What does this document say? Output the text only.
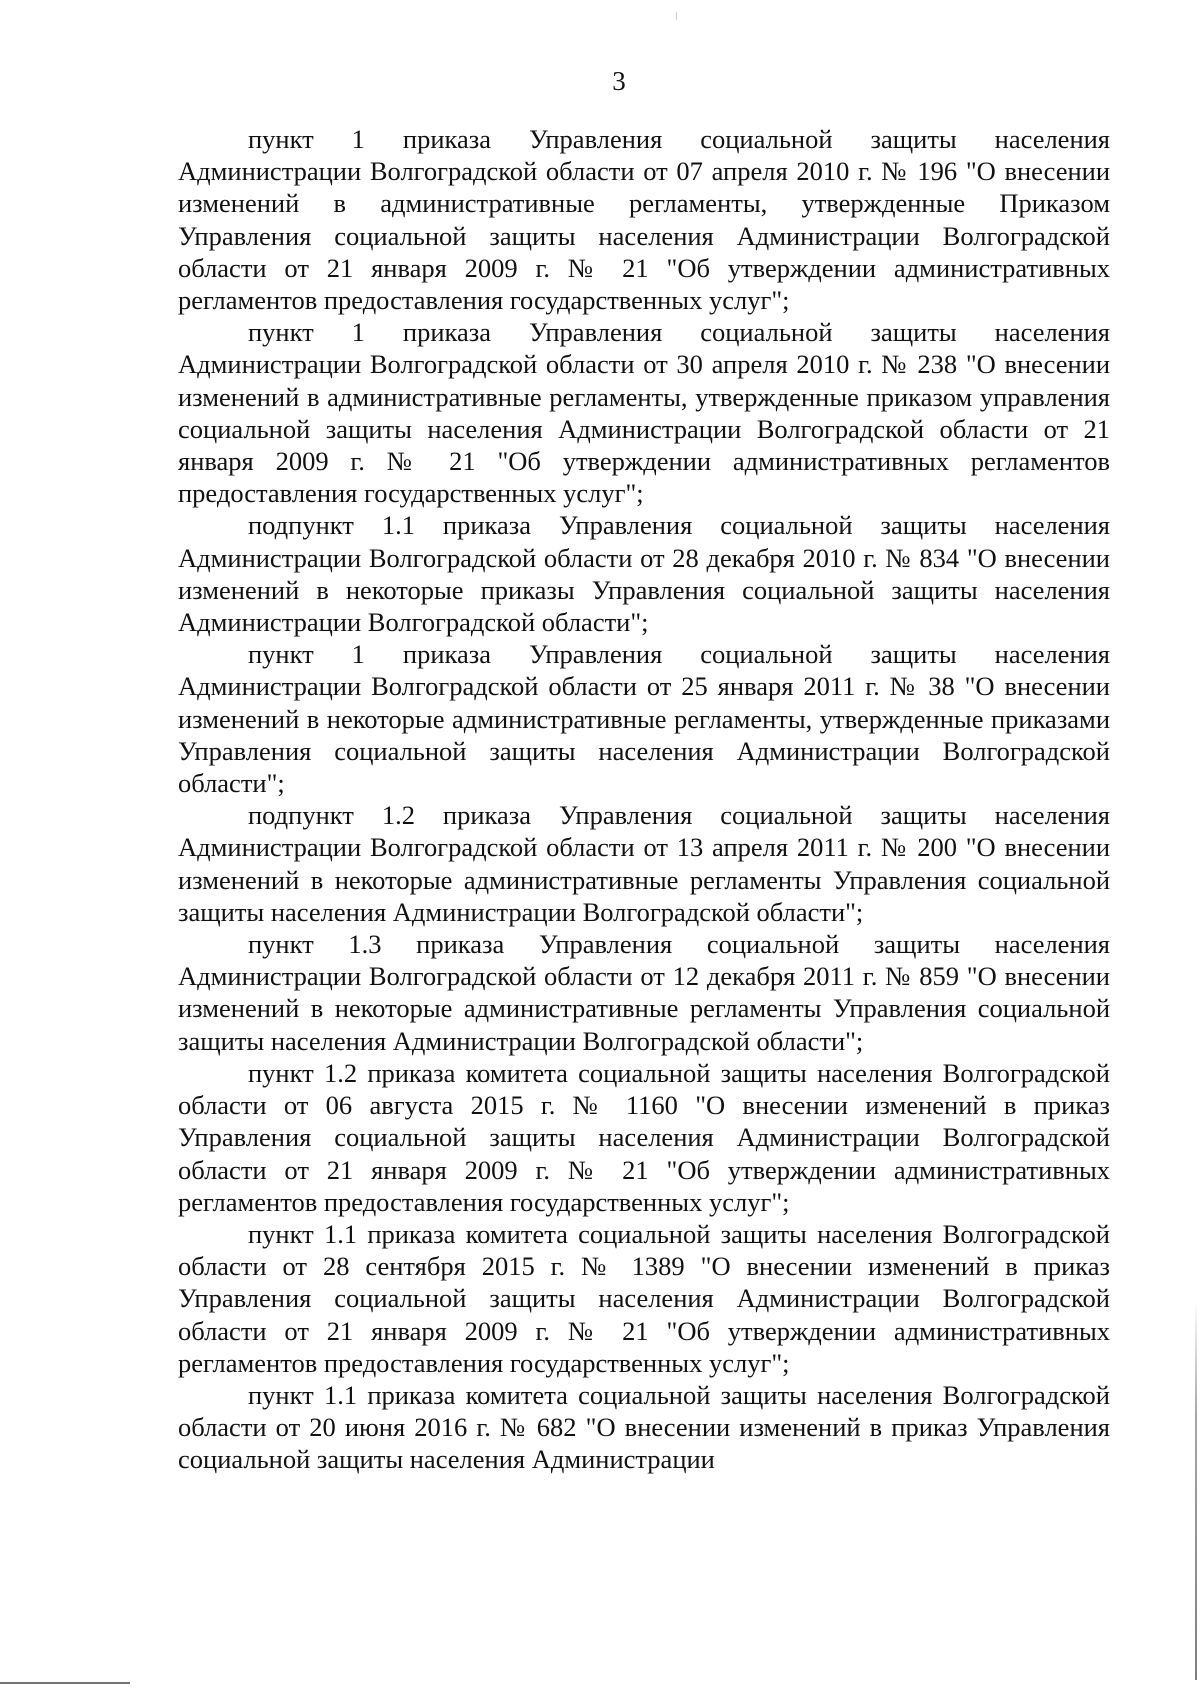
3

пункт 1 приказа Управления социальной защиты населения Администрации Волгоградской области от 07 апреля 2010 г. № 196 "О внесении изменений в административные регламенты, утвержденные Приказом Управления социальной защиты населения Администрации Волгоградской области от 21 января 2009 г. № 21 "Об утверждении административных регламентов предоставления государственных услуг";

пункт 1 приказа Управления социальной защиты населения Администрации Волгоградской области от 30 апреля 2010 г. № 238 "О внесении изменений в административные регламенты, утвержденные приказом управления социальной защиты населения Администрации Волгоградской области от 21 января 2009 г. № 21 "Об утверждении административных регламентов предоставления государственных услуг";

подпункт 1.1 приказа Управления социальной защиты населения Администрации Волгоградской области от 28 декабря 2010 г. № 834 "О внесении изменений в некоторые приказы Управления социальной защиты населения Администрации Волгоградской области";

пункт 1 приказа Управления социальной защиты населения Администрации Волгоградской области от 25 января 2011 г. № 38 "О внесении изменений в некоторые административные регламенты, утвержденные приказами Управления социальной защиты населения Администрации Волгоградской области";

подпункт 1.2 приказа Управления социальной защиты населения Администрации Волгоградской области от 13 апреля 2011 г. № 200 "О внесении изменений в некоторые административные регламенты Управления социальной защиты населения Администрации Волгоградской области";

пункт 1.3 приказа Управления социальной защиты населения Администрации Волгоградской области от 12 декабря 2011 г. № 859 "О внесении изменений в некоторые административные регламенты Управления социальной защиты населения Администрации Волгоградской области";

пункт 1.2 приказа комитета социальной защиты населения Волгоградской области от 06 августа 2015 г. № 1160 "О внесении изменений в приказ Управления социальной защиты населения Администрации Волгоградской области от 21 января 2009 г. № 21 "Об утверждении административных регламентов предоставления государственных услуг";

пункт 1.1 приказа комитета социальной защиты населения Волгоградской области от 28 сентября 2015 г. № 1389 "О внесении изменений в приказ Управления социальной защиты населения Администрации Волгоградской области от 21 января 2009 г. № 21 "Об утверждении административных регламентов предоставления государственных услуг";

пункт 1.1 приказа комитета социальной защиты населения Волгоградской области от 20 июня 2016 г. № 682 "О внесении изменений в приказ Управления социальной защиты населения Администрации
